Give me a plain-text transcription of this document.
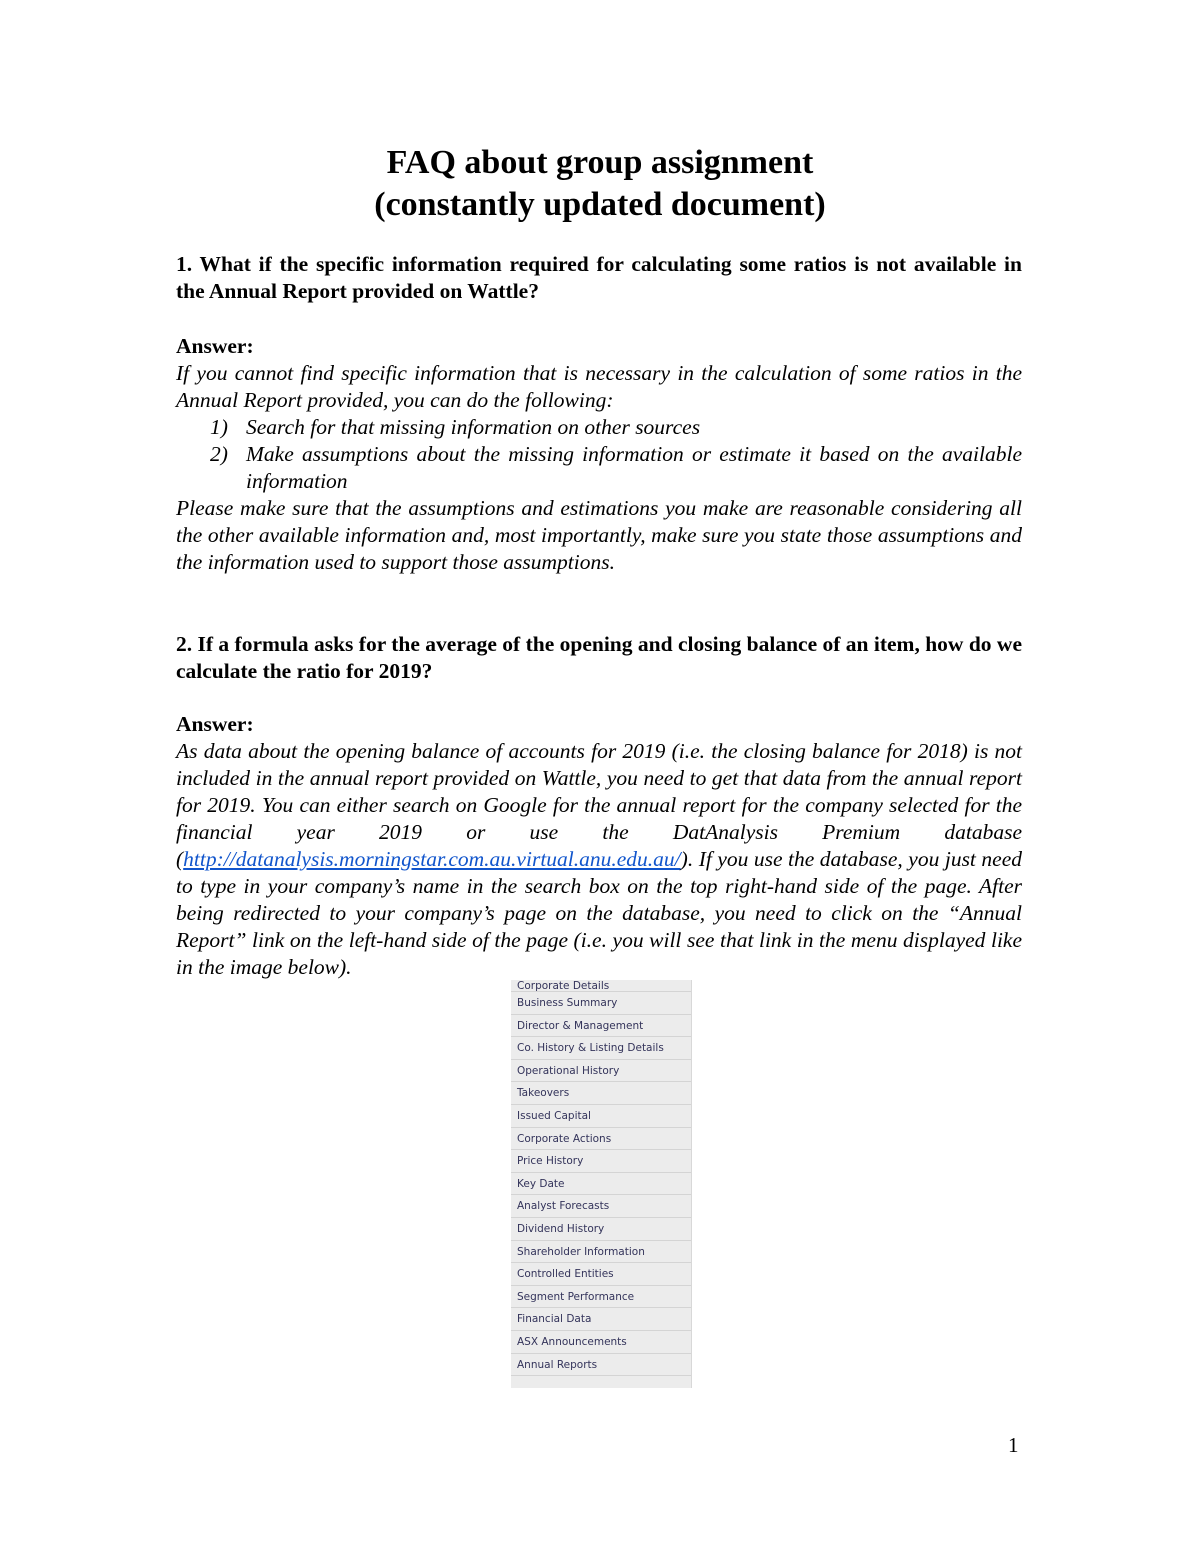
FAQ about group assignment
(constantly updated document)

1. What if the specific information required for calculating some ratios is not available in the Annual Report provided on Wattle?

Answer:

If you cannot find specific information that is necessary in the calculation of some ratios in the Annual Report provided, you can do the following:

1) Search for that missing information on other sources
2) Make assumptions about the missing information or estimate it based on the available information

Please make sure that the assumptions and estimations you make are reasonable considering all the other available information and, most importantly, make sure you state those assumptions and the information used to support those assumptions.

2. If a formula asks for the average of the opening and closing balance of an item, how do we calculate the ratio for 2019?

Answer:

As data about the opening balance of accounts for 2019 (i.e. the closing balance for 2018) is not included in the annual report provided on Wattle, you need to get that data from the annual report for 2019. You can either search on Google for the annual report for the company selected for the financial year 2019 or use the DatAnalysis Premium database (http://datanalysis.morningstar.com.au.virtual.anu.edu.au/). If you use the database, you just need to type in your company’s name in the search box on the top right-hand side of the page. After being redirected to your company’s page on the database, you need to click on the “Annual Report” link on the left-hand side of the page (i.e. you will see that link in the menu displayed like in the image below).

Corporate Details
Business Summary
Director & Management
Co. History & Listing Details
Operational History
Takeovers
Issued Capital
Corporate Actions
Price History
Key Date
Analyst Forecasts
Dividend History
Shareholder Information
Controlled Entities
Segment Performance
Financial Data
ASX Announcements
Annual Reports
1
